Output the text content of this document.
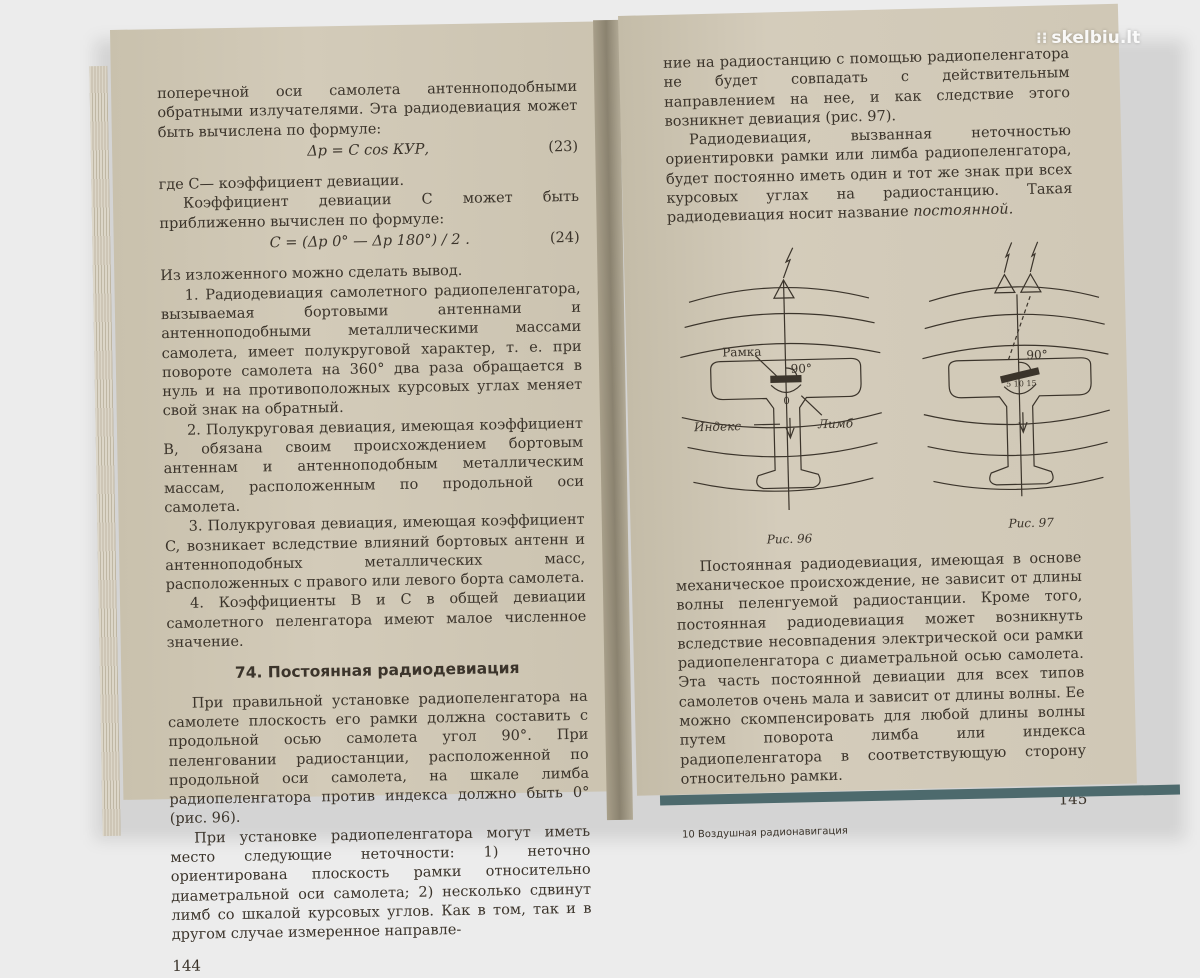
поперечной оси самолета антенноподобными обратными излучателями. Эта радиодевиация может быть вычислена по формуле:

Δр = C cos КУР,	(23)

где C— коэффициент девиации.

Коэффициент девиации C может быть приближенно вычислен по формуле:

C = (Δр 0° — Δр 180°) / 2 .	(24)

Из изложенного можно сделать вывод.

1. Радиодевиация самолетного радиопеленгатора, вызываемая бортовыми антеннами и антенноподобными металлическими массами самолета, имеет полукруговой характер, т. е. при повороте самолета на 360° два раза обращается в нуль и на противоположных курсовых углах меняет свой знак на обратный.

2. Полукруговая девиация, имеющая коэффициент B, обязана своим происхождением бортовым антеннам и антенноподобным металлическим массам, расположенным по продольной оси самолета.

3. Полукруговая девиация, имеющая коэффициент C, возникает вследствие влияний бортовых антенн и антенноподобных металлических масс, расположенных с правого или левого борта самолета.

4. Коэффициенты B и C в общей девиации самолетного пеленгатора имеют малое численное значение.

74. Постоянная радиодевиация

При правильной установке радиопеленгатора на самолете плоскость его рамки должна составить с продольной осью самолета угол 90°. При пеленговании радиостанции, расположенной по продольной оси самолета, на шкале лимба радиопеленгатора против индекса должно быть 0° (рис. 96).

При установке радиопеленгатора могут иметь место следующие неточности: 1) неточно ориентирована плоскость рамки относительно диаметральной оси самолета; 2) несколько сдвинут лимб со шкалой курсовых углов. Как в том, так и в другом случае измеренное направле-

144

ние на радиостанцию с помощью радиопеленгатора не будет совпадать с действительным направлением на нее, и как следствие этого возникнет девиация (рис. 97).

Радиодевиация, вызванная неточностью ориентировки рамки или лимба радиопеленгатора, будет постоянно иметь один и тот же знак при всех курсовых углах на радиостанцию. Такая радиодевиация носит название постоянной.

Рамка
90°
0
Индекс	Лимб
Рис. 96
90°
5 10 15
Рис. 97

Постоянная радиодевиация, имеющая в основе механическое происхождение, не зависит от длины волны пеленгуемой радиостанции. Кроме того, постоянная радиодевиация может возникнуть вследствие несовпадения электрической оси рамки радиопеленгатора с диаметральной осью самолета. Эта часть постоянной девиации для всех типов самолетов очень мала и зависит от длины волны. Ее можно скомпенсировать для любой длины волны путем поворота лимба или индекса радиопеленгатора в соответствующую сторону относительно рамки.

145
10 Воздушная радионавигация
⁝⁝ skelbiu.lt
